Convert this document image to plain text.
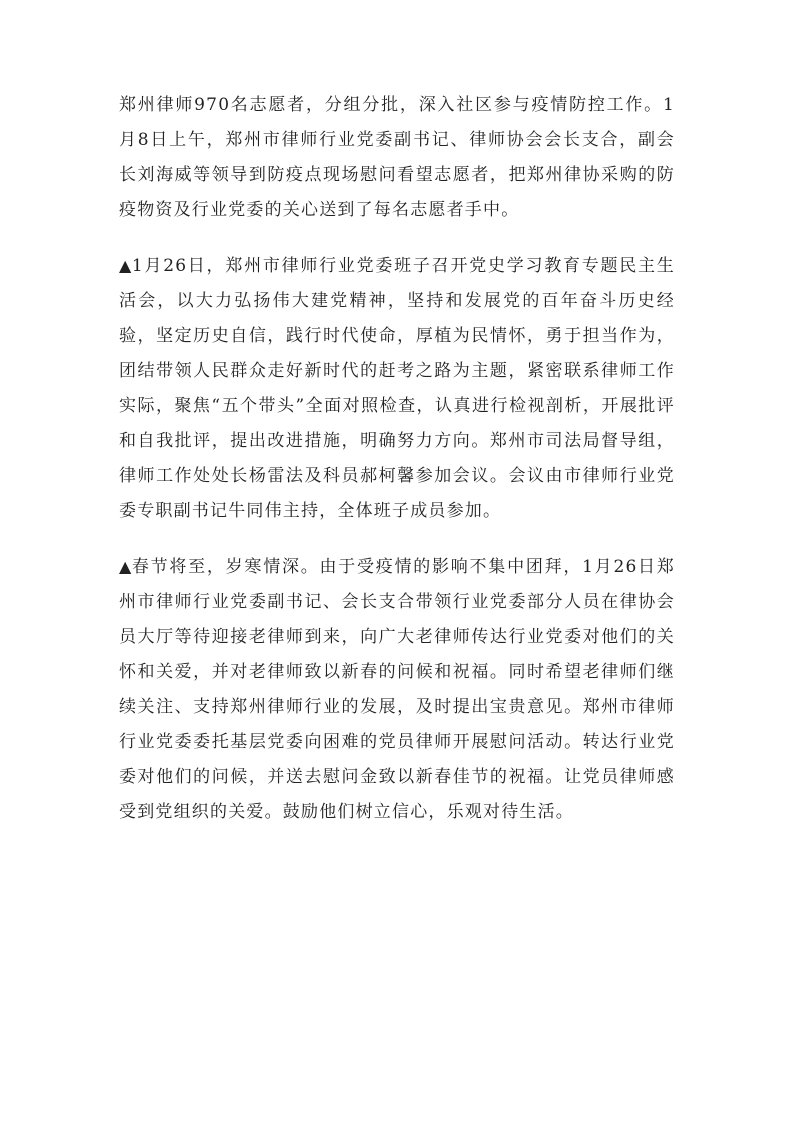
郑州律师970名志愿者，分组分批，深入社区参与疫情防控工作。1月8日上午，郑州市律师行业党委副书记、律师协会会长支合，副会长刘海威等领导到防疫点现场慰问看望志愿者，把郑州律协采购的防疫物资及行业党委的关心送到了每名志愿者手中。

▲1月26日，郑州市律师行业党委班子召开党史学习教育专题民主生活会，以大力弘扬伟大建党精神，坚持和发展党的百年奋斗历史经验，坚定历史自信，践行时代使命，厚植为民情怀，勇于担当作为，团结带领人民群众走好新时代的赶考之路为主题，紧密联系律师工作实际，聚焦“五个带头”全面对照检查，认真进行检视剖析，开展批评和自我批评，提出改进措施，明确努力方向。郑州市司法局督导组，律师工作处处长杨雷法及科员郝柯馨参加会议。会议由市律师行业党委专职副书记牛同伟主持，全体班子成员参加。

▲春节将至，岁寒情深。由于受疫情的影响不集中团拜，1月26日郑州市律师行业党委副书记、会长支合带领行业党委部分人员在律协会员大厅等待迎接老律师到来，向广大老律师传达行业党委对他们的关怀和关爱，并对老律师致以新春的问候和祝福。同时希望老律师们继续关注、支持郑州律师行业的发展，及时提出宝贵意见。郑州市律师行业党委委托基层党委向困难的党员律师开展慰问活动。转达行业党委对他们的问候，并送去慰问金致以新春佳节的祝福。让党员律师感受到党组织的关爱。鼓励他们树立信心，乐观对待生活。
